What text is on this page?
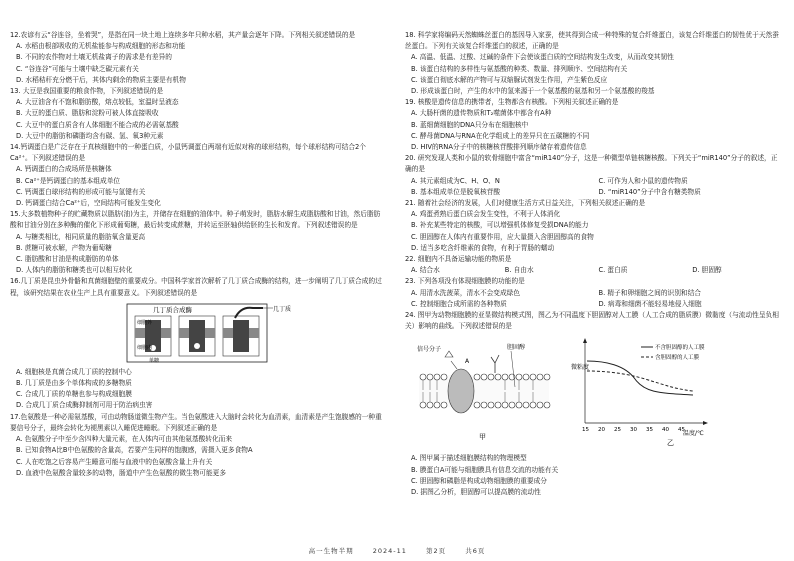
12.农谚有云“谷连谷，坐着哭”，是指在同一块土地上连续多年只种水稻，其产量会逐年下降。下列相关叙述错误的是

A. 水稻由根部吸收的无机盐能参与构成细胞的形态和功能

B. 不同的农作物对土壤无机盐离子的需求是有差异的

C. “谷连谷”可能与土壤中缺乏碳元素有关

D. 水稻秸秆充分燃干后，其体内剩余的物质主要是有机物

13. 大豆是我国重要的粮食作物，下列叙述错误的是

A. 大豆油含有不饱和脂肪酸，熔点较低，室温时呈液态

B. 大豆的蛋白质、脂肪和淀粉可被人体直接吸收

C. 大豆中的蛋白质含有人体细胞不能合成的必需氨基酸

D. 大豆中的脂肪和磷脂均含有碳、氢、氧3种元素

14.钙调蛋白是广泛存在于真核细胞中的一种蛋白质，小鼠钙调蛋白两端有近似对称的球形结构，每个球形结构可结合2个Ca²⁺。下列叙述错误的是

A. 钙调蛋白的合成场所是核糖体

B. Ca²⁺是钙调蛋白的基本组成单位

C. 钙调蛋白球形结构的形成可能与氢键有关

D. 钙调蛋白结合Ca²⁺后，空间结构可能发生变化

15.大多数植物种子的贮藏物质以脂肪(油)为主，并储存在细胞的油体中。种子萌发时，脂肪水解生成脂肪酸和甘油，然后脂肪酸和甘油分别在多种酶的催化下形成葡萄糖，最后转变成蔗糖，并转运至胚轴供给胚的生长和发育。下列叙述错误的是

A. 与糖类相比，相同质量的脂肪氧含量更高

B. 蔗糖可被水解，产物为葡萄糖

C. 脂肪酸和甘油是构成脂肪的单体

D. 人体内的脂肪和糖类也可以相互转化

16.几丁质是昆虫外骨骼和真菌细胞壁的重要成分。中国科学家首次解析了几丁质合成酶的结构，进一步阐明了几丁质合成的过程，该研究结果在农业生产上具有重要意义。下列叙述错误的是

几丁质合成酶
细胞外
细胞内
单糖
几丁质

A. 细胞核是真菌合成几丁质的控制中心

B. 几丁质是由多个单体构成的多糖物质

C. 合成几丁质的单糖也参与构成细胞膜

D. 合成几丁质合成酶抑制剂可用于防治病虫害

17.色氨酸是一种必需氨基酸，可由动物肠道微生物产生。当色氨酸进入大脑时会转化为血清素，血清素是产生饱腹感的一种重要信号分子，最终会转化为褪黑素以入睡促进睡眠。下列叙述正确的是

A. 色氨酸分子中至少含四种大量元素，在人体内可由其他氨基酸转化而来

B. 已知食物A比B中色氨酸的含量高，若要产生同样的饱腹感，需摄入更多食物A

C. 人在吃饱之后容易产生睡意可能与血液中的色氨酸含量上升有关

D. 血液中色氨酸含量较多的动物，肠道中产生色氨酸的微生物可能更多

18. 科学家将编码天然蜘蛛丝蛋白的基因导入家蚕，使其得到合成一种特殊的复合纤维蛋白，该复合纤维蛋白的韧性优于天然蚕丝蛋白。下列有关该复合纤维蛋白的叙述，正确的是

A. 高温、低温、过酸、过碱的条件下会使该蛋白质的空间结构发生改变，从而改变其韧性

B. 该蛋白结构的多样性与氨基酸的种类、数量、排列顺序、空间结构有关

C. 该蛋白彻底水解的产物可与双缩脲试剂发生作用，产生紫色反应

D. 形成该蛋白时，产生的水中的氢来源于一个氨基酸的氨基和另一个氨基酸的羧基

19. 核酸是遗传信息的携带者，生物都含有核酸。下列相关叙述正确的是

A. 大肠杆菌的遗传物质和T₂噬菌体中都含有A种

B. 蓝细菌细胞的DNA只分布在细胞核中

C. 酵母菌DNA与RNA在化学组成上的差异只在五碳糖的不同

D. HIV的RNA分子中的核糖核苷酸排列顺序储存着遗传信息

20. 研究发现人类和小鼠的软骨细胞中富含“miR140”分子，这是一种微型单链核糖核酸。下列关于“miR140”分子的叙述，正确的是

A. 其元素组成为C、H、O、N	C. 可作为人和小鼠的遗传物质

B. 基本组成单位是脱氧核苷酸	D. “miR140”分子中含有糖类物质

21. 随着社会经济的发展，人们对健康生活方式日益关注，下列相关叙述正确的是

A. 鸡蛋煮熟后蛋白质会发生变性，不利于人体消化

B. 补充某些特定的核酸，可以增强机体修复受损DNA的能力

C. 胆固醇在人体内有重要作用，应大量摄入含胆固醇高的食物

D. 适当多吃含纤维素的食物，有利于胃肠的蠕动

22. 细胞内不具备运输功能的物质是

A. 结合水	B. 自由水	C. 蛋白质	D. 胆固醇

23. 下列各项没有体现细胞膜的功能的是

A. 用清水洗菠菜，清水不会变成绿色	B. 精子和卵细胞之间的识别和结合

C. 控制细胞合成所需的各种物质	D. 病毒和细菌不能轻易地侵入细胞

24. 图甲为动物细胞膜的亚显微结构模式图，图乙为不同温度下胆固醇对人工膜（人工合成的脂质膜）微黏度（与流动性呈负相关）影响的曲线。下列叙述错误的是

信号分子
A
胆固醇
甲
微粘度
温度/℃
15 20 25 30 35 40 45
不含胆固醇的人工膜
含胆固醇的人工膜
乙

A. 图甲属于描述细胞膜结构的物理模型

B. 膜蛋白A可能与细胞膜具有信息交流的功能有关

C. 胆固醇和磷脂是构成动物细胞膜的重要成分

D. 据图乙分析，胆固醇可以提高膜的流动性

高一生物半期	2024-11	第2页	共6页
